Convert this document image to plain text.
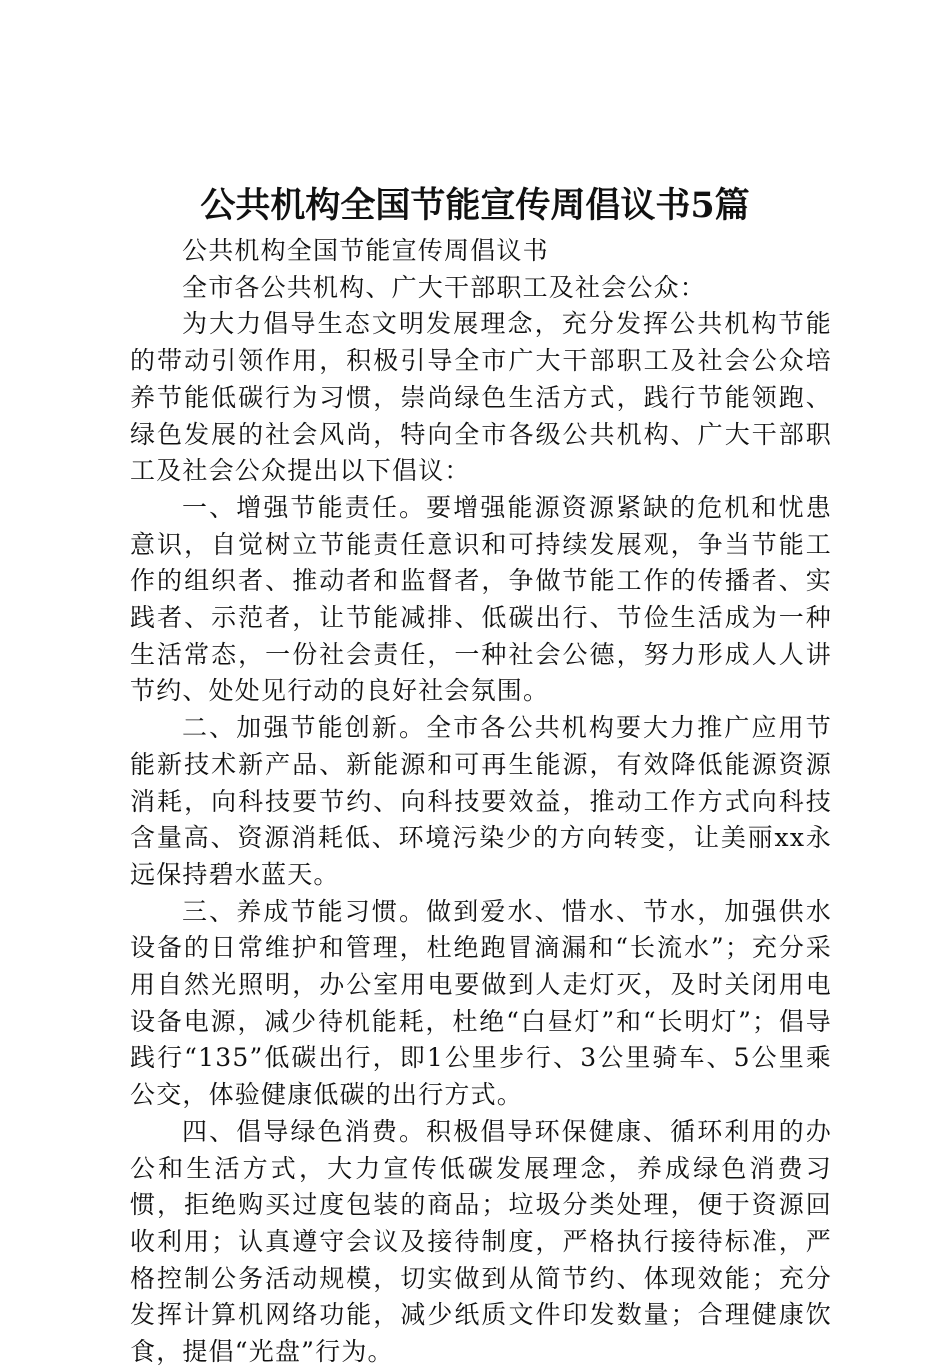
公共机构全国节能宣传周倡议书5篇

公共机构全国节能宣传周倡议书

全市各公共机构、广大干部职工及社会公众：

为大力倡导生态文明发展理念，充分发挥公共机构节能的带动引领作用，积极引导全市广大干部职工及社会公众培养节能低碳行为习惯，崇尚绿色生活方式，践行节能领跑、绿色发展的社会风尚，特向全市各级公共机构、广大干部职工及社会公众提出以下倡议：

一、增强节能责任。要增强能源资源紧缺的危机和忧患意识，自觉树立节能责任意识和可持续发展观，争当节能工作的组织者、推动者和监督者，争做节能工作的传播者、实践者、示范者，让节能减排、低碳出行、节俭生活成为一种生活常态，一份社会责任，一种社会公德，努力形成人人讲节约、处处见行动的良好社会氛围。

二、加强节能创新。全市各公共机构要大力推广应用节能新技术新产品、新能源和可再生能源，有效降低能源资源消耗，向科技要节约、向科技要效益，推动工作方式向科技含量高、资源消耗低、环境污染少的方向转变，让美丽xx永远保持碧水蓝天。

三、养成节能习惯。做到爱水、惜水、节水，加强供水设备的日常维护和管理，杜绝跑冒滴漏和“长流水”；充分采用自然光照明，办公室用电要做到人走灯灭，及时关闭用电设备电源，减少待机能耗，杜绝“白昼灯”和“长明灯”；倡导践行“135”低碳出行，即1公里步行、3公里骑车、5公里乘公交，体验健康低碳的出行方式。

四、倡导绿色消费。积极倡导环保健康、循环利用的办公和生活方式，大力宣传低碳发展理念，养成绿色消费习惯，拒绝购买过度包装的商品；垃圾分类处理，便于资源回收利用；认真遵守会议及接待制度，严格执行接待标准，严格控制公务活动规模，切实做到从简节约、体现效能；充分发挥计算机网络功能，减少纸质文件印发数量；合理健康饮食，提倡“光盘”行为。
